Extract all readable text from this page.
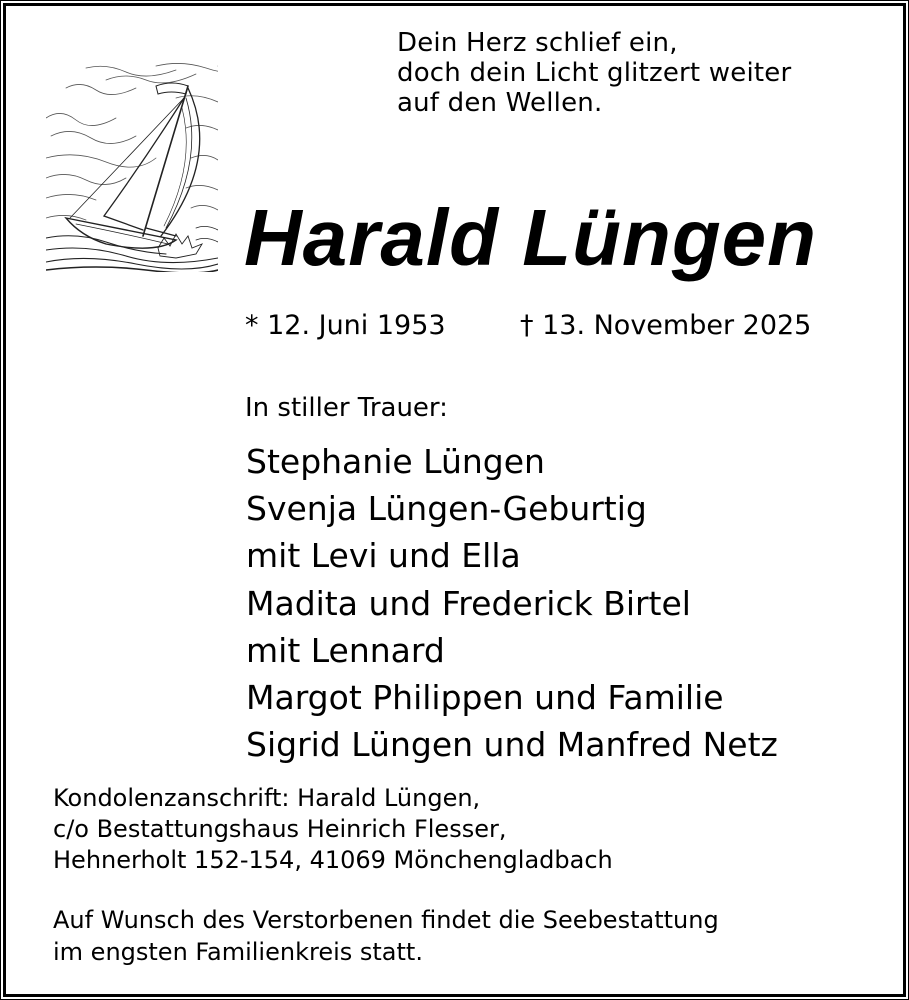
Dein Herz schlief ein,
doch dein Licht glitzert weiter
auf den Wellen.
Harald Lüngen
* 12. Juni 1953	† 13. November 2025
In stiller Trauer:
Stephanie Lüngen
Svenja Lüngen-Geburtig
mit Levi und Ella
Madita und Frederick Birtel
mit Lennard
Margot Philippen und Familie
Sigrid Lüngen und Manfred Netz
Kondolenzanschrift: Harald Lüngen,
c/o Bestattungshaus Heinrich Flesser,
Hehnerholt 152-154, 41069 Mönchengladbach
Auf Wunsch des Verstorbenen findet die Seebestattung
im engsten Familienkreis statt.
